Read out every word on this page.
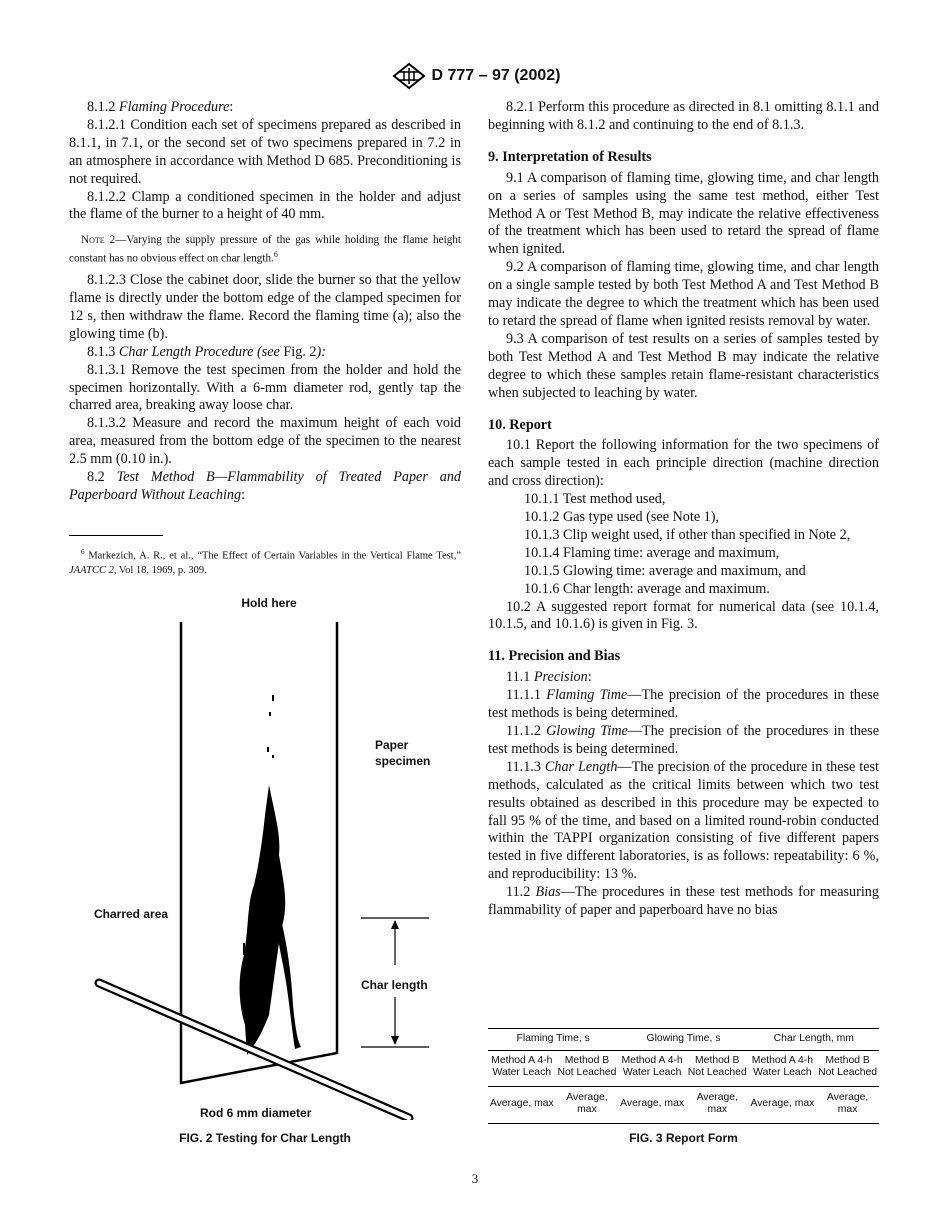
D 777 – 97 (2002)

8.1.2 Flaming Procedure:

8.1.2.1 Condition each set of specimens prepared as described in 8.1.1, in 7.1, or the second set of two specimens prepared in 7.2 in an atmosphere in accordance with Method D 685. Preconditioning is not required.

8.1.2.2 Clamp a conditioned specimen in the holder and adjust the flame of the burner to a height of 40 mm.

Note 2—Varying the supply pressure of the gas while holding the flame height constant has no obvious effect on char length.$^6$

8.1.2.3 Close the cabinet door, slide the burner so that the yellow flame is directly under the bottom edge of the clamped specimen for 12 s, then withdraw the flame. Record the flaming time (a); also the glowing time (b).

8.1.3 Char Length Procedure (see Fig. 2):

8.1.3.1 Remove the test specimen from the holder and hold the specimen horizontally. With a 6-mm diameter rod, gently tap the charred area, breaking away loose char.

8.1.3.2 Measure and record the maximum height of each void area, measured from the bottom edge of the specimen to the nearest 2.5 mm (0.10 in.).

8.2 Test Method B—Flammability of Treated Paper and Paperboard Without Leaching:

$^6$ Markezich, A. R., et al., “The Effect of Certain Variables in the Vertical Flame Test,” JAATCC 2, Vol 18, 1969, p. 309.

Hold here
Paper
specimen
Charred area
Char length
Rod 6 mm diameter
FIG. 2 Testing for Char Length

8.2.1 Perform this procedure as directed in 8.1 omitting 8.1.1 and beginning with 8.1.2 and continuing to the end of 8.1.3.

9. Interpretation of Results

9.1 A comparison of flaming time, glowing time, and char length on a series of samples using the same test method, either Test Method A or Test Method B, may indicate the relative effectiveness of the treatment which has been used to retard the spread of flame when ignited.

9.2 A comparison of flaming time, glowing time, and char length on a single sample tested by both Test Method A and Test Method B may indicate the degree to which the treatment which has been used to retard the spread of flame when ignited resists removal by water.

9.3 A comparison of test results on a series of samples tested by both Test Method A and Test Method B may indicate the relative degree to which these samples retain flame-resistant characteristics when subjected to leaching by water.

10. Report

10.1 Report the following information for the two specimens of each sample tested in each principle direction (machine direction and cross direction):

10.1.1 Test method used,

10.1.2 Gas type used (see Note 1),

10.1.3 Clip weight used, if other than specified in Note 2,

10.1.4 Flaming time: average and maximum,

10.1.5 Glowing time: average and maximum, and

10.1.6 Char length: average and maximum.

10.2 A suggested report format for numerical data (see 10.1.4, 10.1.5, and 10.1.6) is given in Fig. 3.

11. Precision and Bias

11.1 Precision:

11.1.1 Flaming Time—The precision of the procedures in these test methods is being determined.

11.1.2 Glowing Time—The precision of the procedures in these test methods is being determined.

11.1.3 Char Length—The precision of the procedure in these test methods, calculated as the critical limits between which two test results obtained as described in this procedure may be expected to fall 95 % of the time, and based on a limited round-robin conducted within the TAPPI organization consisting of five different papers tested in five different laboratories, is as follows: repeatability: 6 %, and reproducibility: 13 %.

11.2 Bias—The procedures in these test methods for measuring flammability of paper and paperboard have no bias

Flaming Time, s		Glowing Time, s		Char Length, mm	
Method A 4-h Water Leach	Method B Not Leached	Method A 4-h Water Leach	Method B Not Leached	Method A 4-h Water Leach	Method B Not Leached
Average, max	Average, max	Average, max	Average, max	Average, max	Average, max
FIG. 3 Report Form
3
